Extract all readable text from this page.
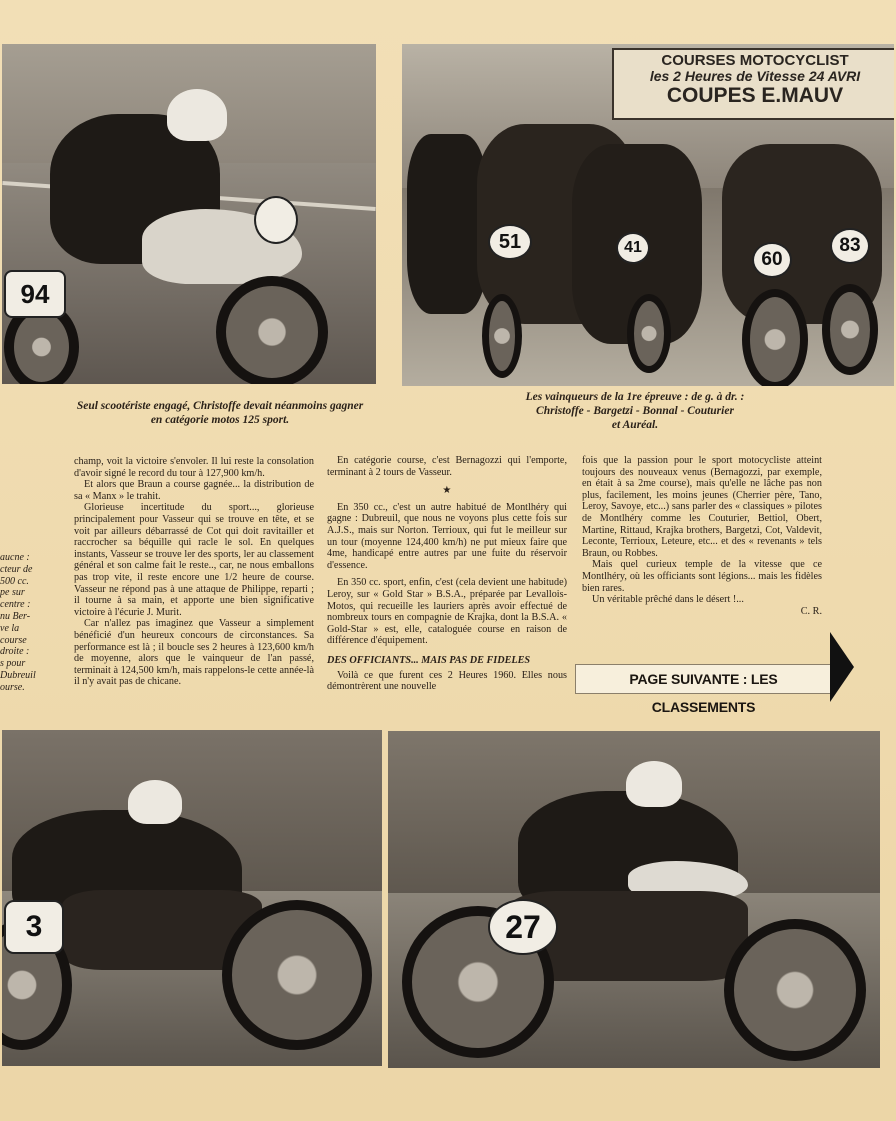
94
COURSES MOTOCYCLIST
les 2 Heures de Vitesse 24 AVRI
COUPES E.MAUV
51	41
60
83
Seul scootériste engagé, Christoffe devait néanmoins gagner en catégorie motos 125 sport.
Les vainqueurs de la 1re épreuve : de g. à dr. :
Christoffe - Bargetzi - Bonnal - Couturier
et Auréal.
aucne :
cteur de
500 cc.
pe sur
centre :
nu Ber-
ve la
course
droite :
s pour
Dubreuil
ourse.

champ, voit la victoire s'envoler. Il lui reste la consolation d'avoir signé le record du tour à 127,900 km/h.

Et alors que Braun a course gagnée... la distribution de sa « Manx » le trahit.

Glorieuse incertitude du sport..., glorieuse principalement pour Vasseur qui se trouve en tête, et se voit par ailleurs débarrassé de Cot qui doit ravitailler et raccrocher sa béquille qui racle le sol. En quelques instants, Vasseur se trouve ler des sports, ler au classement général et son calme fait le reste.., car, ne nous emballons pas trop vite, il reste encore une 1/2 heure de course. Vasseur ne répond pas à une attaque de Philippe, reparti ; il tourne à sa main, et apporte une bien significative victoire à l'écurie J. Murit.

Car n'allez pas imaginez que Vasseur a simplement bénéficié d'un heureux concours de circonstances. Sa performance est là ; il boucle ses 2 heures à 123,600 km/h de moyenne, alors que le vainqueur de l'an passé, terminait à 124,500 km/h, mais rappelons-le cette année-là il n'y avait pas de chicane.

En catégorie course, c'est Bernagozzi qui l'emporte, terminant à 2 tours de Vasseur.

★

En 350 cc., c'est un autre habitué de Montlhéry qui gagne : Dubreuil, que nous ne voyons plus cette fois sur A.J.S., mais sur Norton. Terrioux, qui fut le meilleur sur un tour (moyenne 124,400 km/h) ne put mieux faire que 4me, handicapé entre autres par une fuite du réservoir d'essence.

En 350 cc. sport, enfin, c'est (cela devient une habitude) Leroy, sur « Gold Star » B.S.A., préparée par Levallois-Motos, qui recueille les lauriers après avoir effectué de nombreux tours en compagnie de Krajka, dont la B.S.A. « Gold-Star » est, elle, cataloguée course en raison de différence d'équipement.

DES OFFICIANTS... MAIS PAS DE FIDELES

Voilà ce que furent ces 2 Heures 1960. Elles nous démontrèrent une nouvelle

fois que la passion pour le sport motocycliste atteint toujours des nouveaux venus (Bernagozzi, par exemple, en était à sa 2me course), mais qu'elle ne lâche pas non plus, facilement, les moins jeunes (Cherrier père, Tano, Leroy, Savoye, etc...) sans parler des « classiques » pilotes de Montlhéry comme les Couturier, Bettiol, Obert, Martine, Rittaud, Krajka brothers, Bargetzi, Cot, Valdevit, Leconte, Terrioux, Leteure, etc... et des « revenants » tels Braun, ou Robbes.

Mais quel curieux temple de la vitesse que ce Montlhéry, où les officiants sont légions... mais les fidèles bien rares.

Un véritable prêché dans le désert !...

C. R.

PAGE SUIVANTE : LES CLASSEMENTS
3	27
